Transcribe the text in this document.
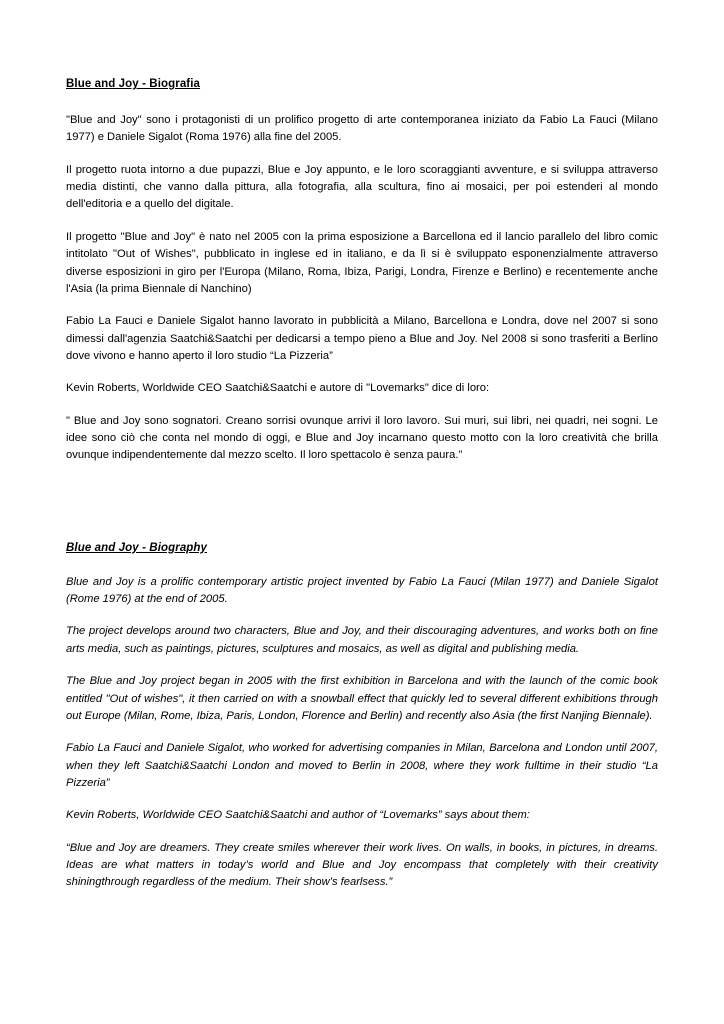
Blue and Joy - Biografia

"Blue and Joy" sono i protagonisti di un prolifico progetto di arte contemporanea iniziato da Fabio La Fauci (Milano 1977) e Daniele Sigalot (Roma 1976) alla fine del 2005.

Il progetto ruota intorno a due pupazzi, Blue e Joy appunto, e le loro scoraggianti avventure, e si sviluppa attraverso media distinti, che vanno dalla pittura, alla fotografia, alla scultura, fino ai mosaici, per poi estenderi al mondo dell'editoria e a quello del digitale.

Il progetto "Blue and Joy" è nato nel 2005 con la prima esposizione a Barcellona ed il lancio parallelo del libro comic intitolato "Out of Wishes", pubblicato in inglese ed in italiano, e da lì si è sviluppato esponenzialmente attraverso diverse esposizioni in giro per l'Europa (Milano, Roma, Ibiza, Parigi, Londra, Firenze e Berlino) e recentemente anche l'Asia (la prima Biennale di Nanchino)

Fabio La Fauci e Daniele Sigalot hanno lavorato in pubblicità a Milano, Barcellona e Londra, dove nel 2007 si sono dimessi dall'agenzia Saatchi&Saatchi per dedicarsi a tempo pieno a Blue and Joy. Nel 2008 si sono trasferiti a Berlino dove vivono e hanno aperto il loro studio “La Pizzeria”

Kevin Roberts, Worldwide CEO Saatchi&Saatchi e autore di "Lovemarks" dice di loro:

" Blue and Joy sono sognatori. Creano sorrisi ovunque arrivi il loro lavoro. Sui muri, sui libri, nei quadri, nei sogni. Le idee sono ciò che conta nel mondo di oggi, e Blue and Joy incarnano questo motto con la loro creatività che brilla ovunque indipendentemente dal mezzo scelto. Il loro spettacolo è senza paura."

Blue and Joy - Biography

Blue and Joy is a prolific contemporary artistic project invented by Fabio La Fauci (Milan 1977) and Daniele Sigalot (Rome 1976) at the end of 2005.

The project develops around two characters, Blue and Joy, and their discouraging adventures, and works both on fine arts media, such as paintings, pictures, sculptures and mosaics, as well as digital and publishing media.

The Blue and Joy project began in 2005 with the first exhibition in Barcelona and with the launch of the comic book entitled "Out of wishes", it then carried on with a snowball effect that quickly led to several different exhibitions through out Europe (Milan, Rome, Ibiza, Paris, London, Florence and Berlin) and recently also Asia (the first Nanjing Biennale).

Fabio La Fauci and Daniele Sigalot, who worked for advertising companies in Milan, Barcelona and London until 2007, when they left Saatchi&Saatchi London and moved to Berlin in 2008, where they work fulltime in their studio “La Pizzeria”

Kevin Roberts, Worldwide CEO Saatchi&Saatchi and author of “Lovemarks” says about them:

“Blue and Joy are dreamers. They create smiles wherever their work lives. On walls, in books, in pictures, in dreams. Ideas are what matters in today’s world and Blue and Joy encompass that completely with their creativity shiningthrough regardless of the medium. Their show’s fearlsess.”
